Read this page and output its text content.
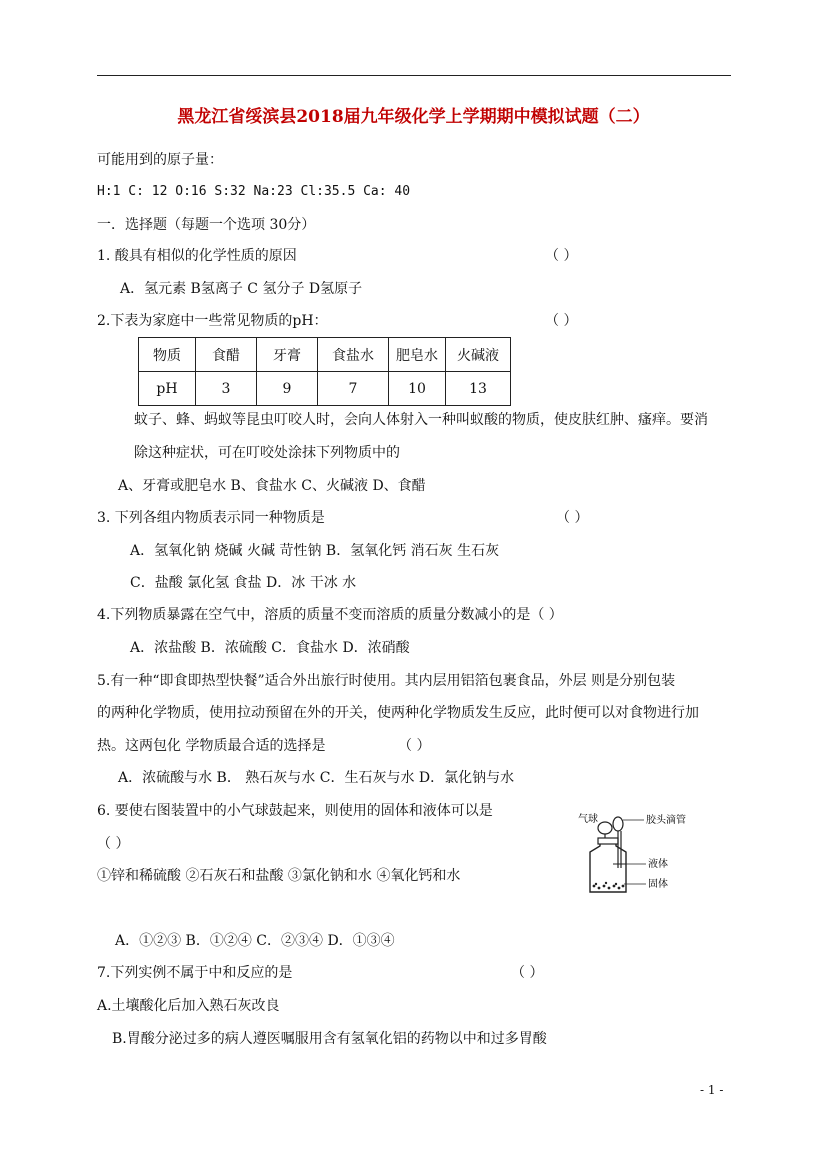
黑龙江省绥滨县2018届九年级化学上学期期中模拟试题（二）
可能用到的原子量：
H:1 C: 12 O:16 S:32 Na:23 Cl:35.5 Ca: 40
一．选择题（每题一个选项 30分）
1. 酸具有相似的化学性质的原因	（ ）
A．氢元素 B氢离子 C 氢分子 D氢原子
2.下表为家庭中一些常见物质的pH：	（ ）
物质	食醋	牙膏	食盐水	肥皂水	火碱液
pH	3	9	7	10	13
蚊子、蜂、蚂蚁等昆虫叮咬人时，会向人体射入一种叫蚁酸的物质，使皮肤红肿、瘙痒。要消
除这种症状，可在叮咬处涂抹下列物质中的
A、牙膏或肥皂水 B、食盐水 C、火碱液 D、食醋
3. 下列各组内物质表示同一种物质是	（ ）
A．氢氧化钠 烧碱 火碱 苛性钠 B．氢氧化钙 消石灰 生石灰
C．盐酸 氯化氢 食盐 D．冰 干冰 水
4.下列物质暴露在空气中，溶质的质量不变而溶质的质量分数减小的是（ ）
A．浓盐酸 B．浓硫酸 C．食盐水 D．浓硝酸
5.有一种“即食即热型快餐”适合外出旅行时使用。其内层用铝箔包裹食品，外层 则是分别包装
的两种化学物质，使用拉动预留在外的开关，使两种化学物质发生反应，此时便可以对食物进行加
热。这两包化 学物质最合适的选择是	（ ）
A．浓硫酸与水 B． 熟石灰与水 C．生石灰与水 D．氯化钠与水
6. 要使右图装置中的小气球鼓起来，则使用的固体和液体可以是
（ ）
①锌和稀硫酸 ②石灰石和盐酸 ③氯化钠和水 ④氧化钙和水
气球	胶头滴管
液体
固体
A．①②③ B．①②④ C．②③④ D．①③④
7.下列实例不属于中和反应的是	（ ）
A.土壤酸化后加入熟石灰改良
B.胃酸分泌过多的病人遵医嘱服用含有氢氧化铝的药物以中和过多胃酸
- 1 -
